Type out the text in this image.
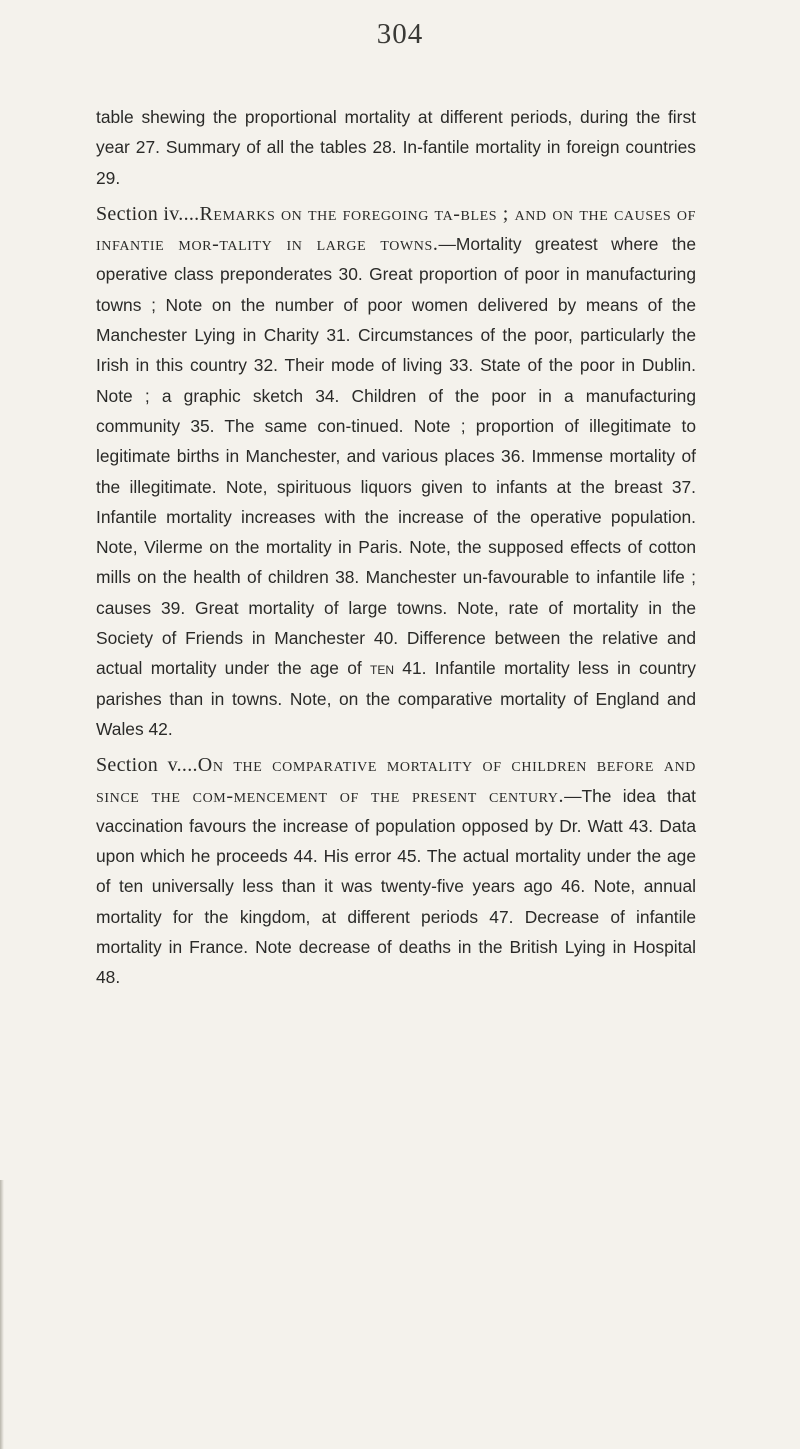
304

table shewing the proportional mortality at different periods, during the first year 27. Summary of all the tables 28. In-fantile mortality in foreign countries 29.

Section iv....Remarks on the foregoing ta-bles ; and on the causes of infantie mor-tality in large towns.—Mortality greatest where the operative class preponderates 30. Great proportion of poor in manufacturing towns ; Note on the number of poor women delivered by means of the Manchester Lying in Charity 31. Circumstances of the poor, particularly the Irish in this country 32. Their mode of living 33. State of the poor in Dublin. Note ; a graphic sketch 34. Children of the poor in a manufacturing community 35. The same con-tinued. Note ; proportion of illegitimate to legitimate births in Manchester, and various places 36. Immense mortality of the illegitimate. Note, spirituous liquors given to infants at the breast 37. Infantile mortality increases with the increase of the operative population. Note, Vilerme on the mortality in Paris. Note, the supposed effects of cotton mills on the health of children 38. Manchester un-favourable to infantile life ; causes 39. Great mortality of large towns. Note, rate of mortality in the Society of Friends in Manchester 40. Difference between the relative and actual mortality under the age of ten 41. Infantile mortality less in country parishes than in towns. Note, on the comparative mortality of England and Wales 42.

Section v....On the comparative mortality of children before and since the com-mencement of the present century.—The idea that vaccination favours the increase of population opposed by Dr. Watt 43. Data upon which he proceeds 44. His error 45. The actual mortality under the age of ten universally less than it was twenty-five years ago 46. Note, annual mortality for the kingdom, at different periods 47. Decrease of infantile mortality in France. Note decrease of deaths in the British Lying in Hospital 48.
